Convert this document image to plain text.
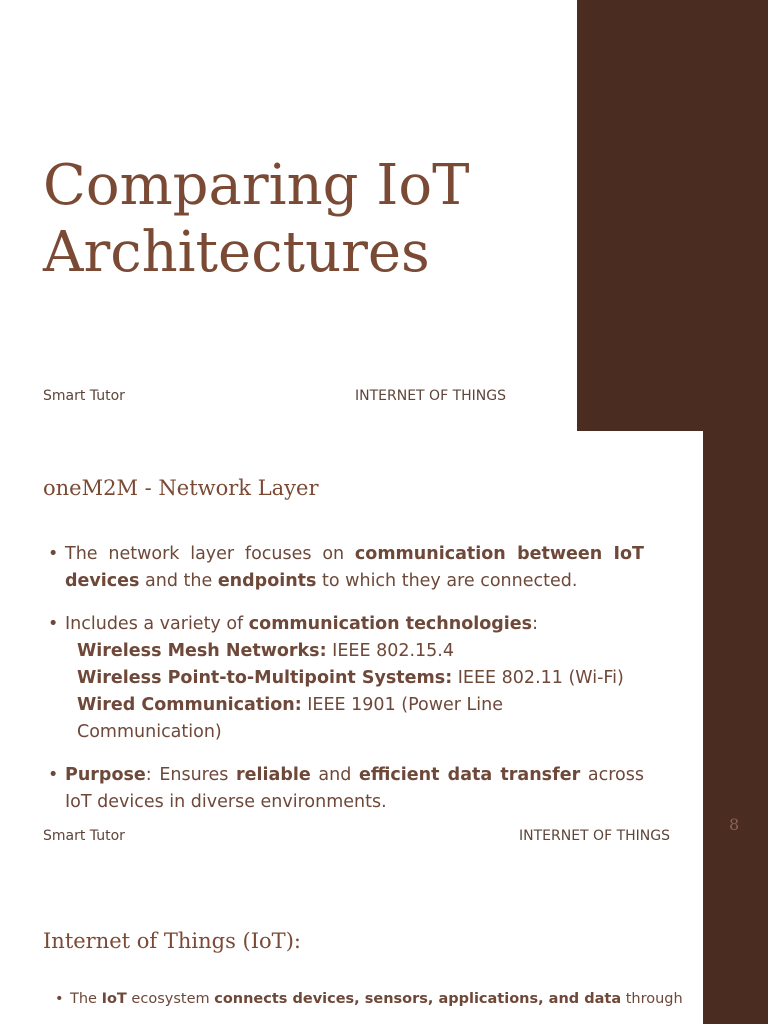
Comparing IoT
Architectures
Smart Tutor	INTERNET OF THINGS
oneM2M - Network Layer
• The network layer focuses on communication between IoT devices and the endpoints to which they are connected.
• Includes a variety of communication technologies:
Wireless Mesh Networks: IEEE 802.15.4
Wireless Point-to-Multipoint Systems: IEEE 802.11 (Wi-Fi)
Wired Communication: IEEE 1901 (Power Line Communication)
• Purpose: Ensures reliable and efficient data transfer across IoT devices in diverse environments.
Smart Tutor	INTERNET OF THINGS
8
Internet of Things (IoT):
• The IoT ecosystem connects devices, sensors, applications, and data through
